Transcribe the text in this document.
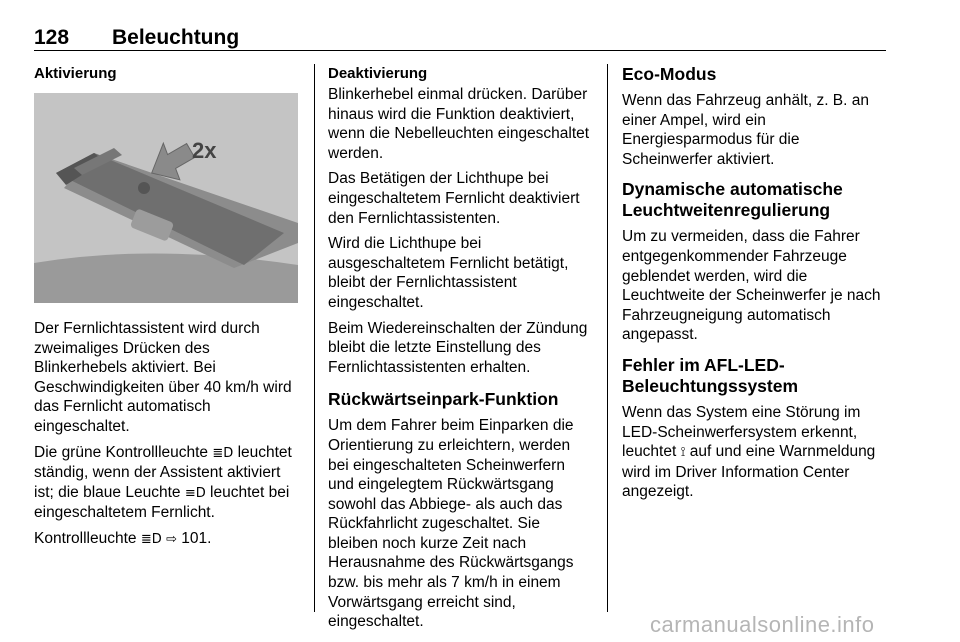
128 Beleuchtung
Aktivierung
2x

Der Fernlichtassistent wird durch zweimaliges Drücken des Blinkerhebels aktiviert. Bei Geschwindigkeiten über 40 km/h wird das Fernlicht automatisch eingeschaltet.

Die grüne Kontrollleuchte ≣D leuchtet ständig, wenn der Assistent aktiviert ist; die blaue Leuchte ≡D leuchtet bei eingeschaltetem Fernlicht.

Kontrollleuchte ≣D ⇨ 101.

Deaktivierung

Blinkerhebel einmal drücken. Darüber hinaus wird die Funktion deaktiviert, wenn die Nebelleuchten eingeschaltet werden.

Das Betätigen der Lichthupe bei eingeschaltetem Fernlicht deaktiviert den Fernlichtassistenten.

Wird die Lichthupe bei ausgeschaltetem Fernlicht betätigt, bleibt der Fernlichtassistent eingeschaltet.

Beim Wiedereinschalten der Zündung bleibt die letzte Einstellung des Fernlichtassistenten erhalten.

Rückwärtseinpark-Funktion

Um dem Fahrer beim Einparken die Orientierung zu erleichtern, werden bei eingeschalteten Scheinwerfern und eingelegtem Rückwärtsgang sowohl das Abbiege- als auch das Rückfahrlicht zugeschaltet. Sie bleiben noch kurze Zeit nach Herausnahme des Rückwärtsgangs bzw. bis mehr als 7 km/h in einem Vorwärtsgang erreicht sind, eingeschaltet.

Eco-Modus

Wenn das Fahrzeug anhält, z. B. an einer Ampel, wird ein Energiesparmodus für die Scheinwerfer aktiviert.

Dynamische automatische Leuchtweitenregulierung

Um zu vermeiden, dass die Fahrer entgegenkommender Fahrzeuge geblendet werden, wird die Leuchtweite der Scheinwerfer je nach Fahrzeugneigung automatisch angepasst.

Fehler im AFL-LED-Beleuchtungssystem

Wenn das System eine Störung im LED-Scheinwerfersystem erkennt, leuchtet ⟟ auf und eine Warnmeldung wird im Driver Information Center angezeigt.

carmanualsonline.info
